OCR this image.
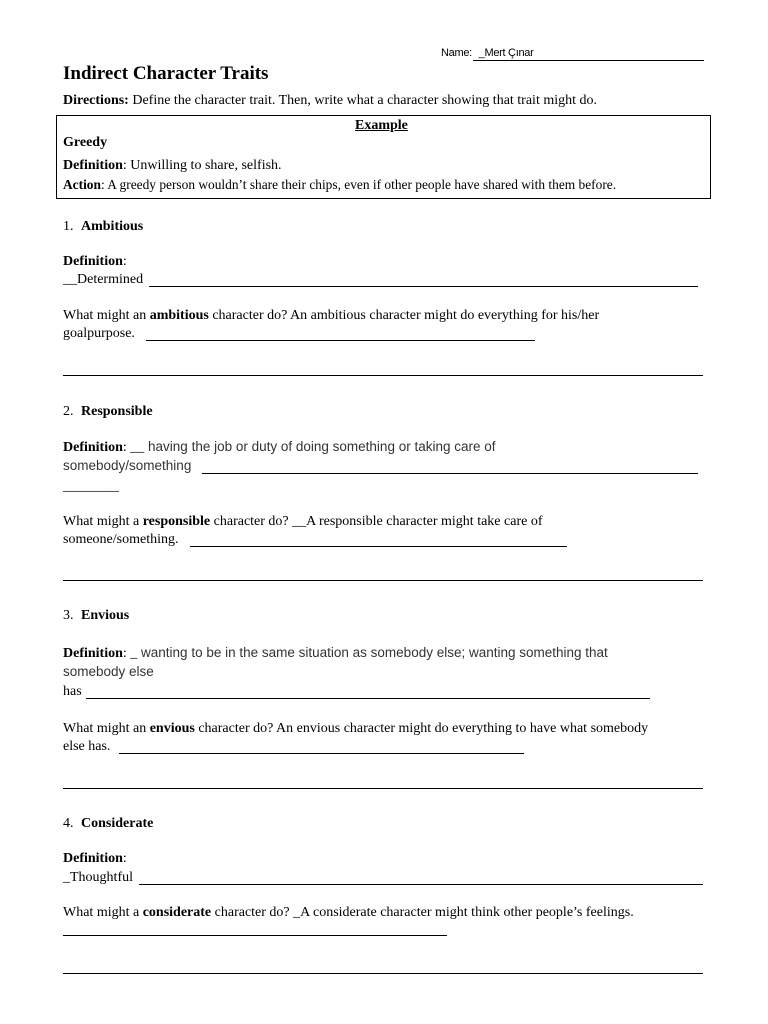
Name: _Mert Çınar
Indirect Character Traits
Directions: Define the character trait. Then, write what a character showing that trait might do.
Example
Greedy
Definition: Unwilling to share, selfish.
Action: A greedy person wouldn’t share their chips, even if other people have shared with them before.
1. Ambitious
Definition:
__Determined
What might an ambitious character do? An ambitious character might do everything for his/her
goalpurpose.
2. Responsible
Definition: __ having the job or duty of doing something or taking care of
somebody/something
________
What might a responsible character do? __A responsible character might take care of
someone/something.
3. Envious
Definition: _ wanting to be in the same situation as somebody else; wanting something that
somebody else
has
What might an envious character do? An envious character might do everything to have what somebody
else has.
4. Considerate
Definition:
_Thoughtful
What might a considerate character do? _A considerate character might think other people’s feelings.
